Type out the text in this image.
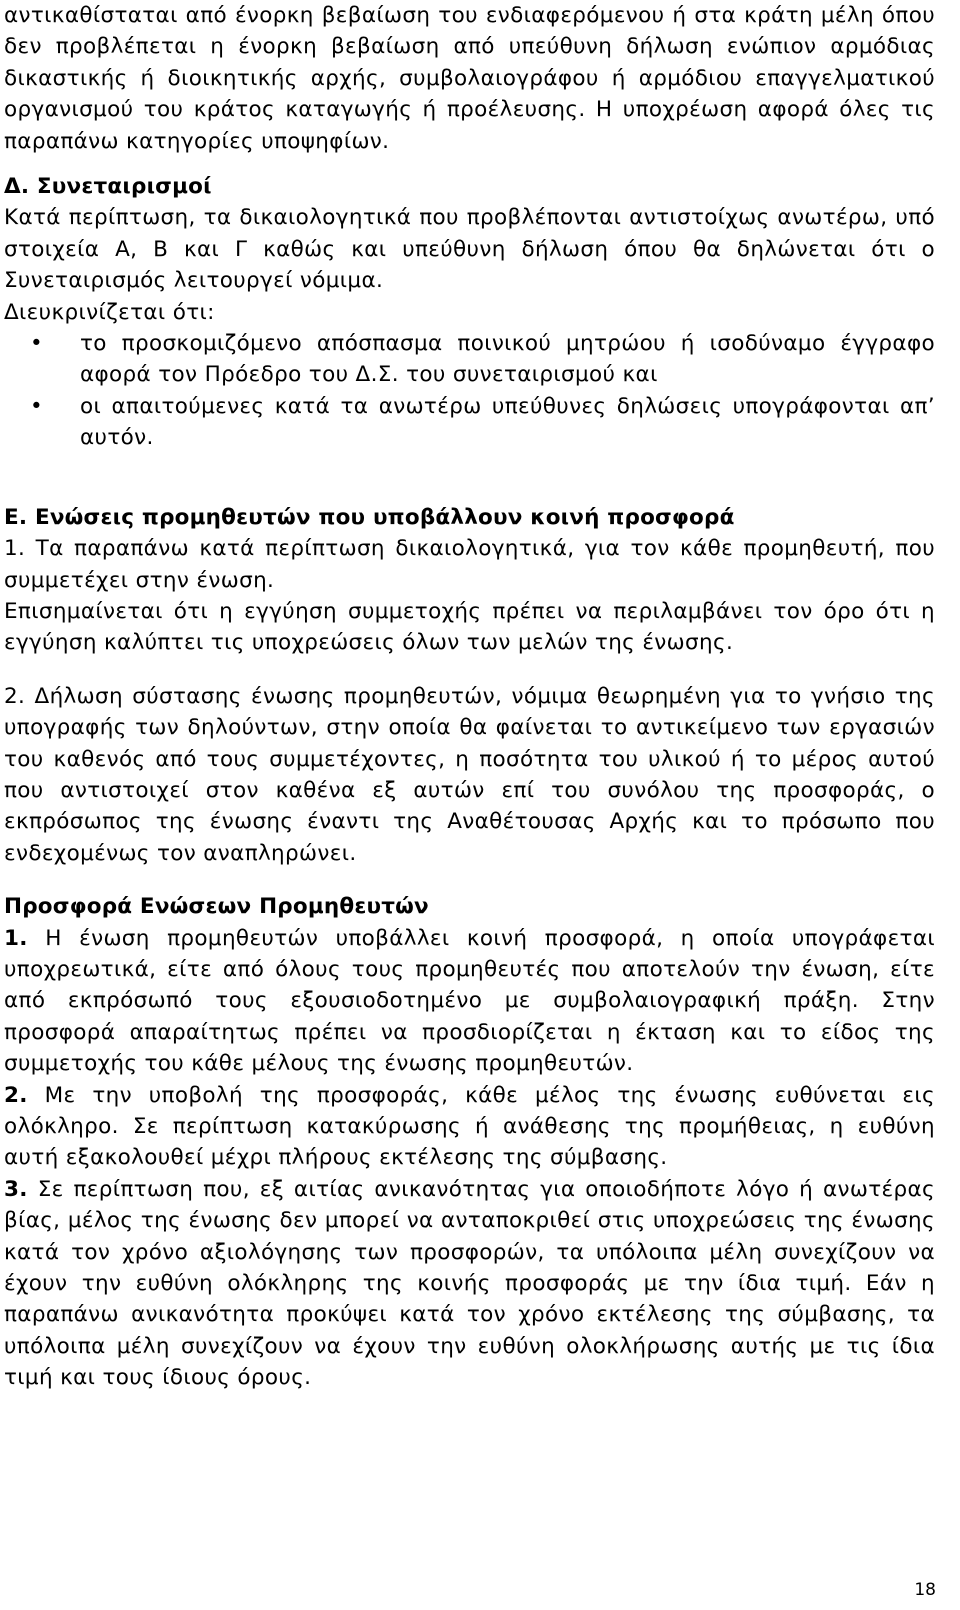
αντικαθίσταται από ένορκη βεβαίωση του ενδιαφερόμενου ή στα κράτη μέλη όπου δεν προβλέπεται η ένορκη βεβαίωση από υπεύθυνη δήλωση ενώπιον αρμόδιας δικαστικής ή διοικητικής αρχής, συμβολαιογράφου ή αρμόδιου επαγγελματικού οργανισμού του κράτος καταγωγής ή προέλευσης. Η υποχρέωση αφορά όλες τις παραπάνω κατηγορίες υποψηφίων.

Δ. Συνεταιρισμοί

Κατά περίπτωση, τα δικαιολογητικά που προβλέπονται αντιστοίχως ανωτέρω, υπό στοιχεία Α, Β και Γ καθώς και υπεύθυνη δήλωση όπου θα δηλώνεται ότι ο Συνεταιρισμός λειτουργεί νόμιμα.

Διευκρινίζεται ότι:

• το προσκομιζόμενο απόσπασμα ποινικού μητρώου ή ισοδύναμο έγγραφο αφορά τον Πρόεδρο του Δ.Σ. του συνεταιρισμού και
• οι απαιτούμενες κατά τα ανωτέρω υπεύθυνες δηλώσεις υπογράφονται απ’ αυτόν.
Ε. Ενώσεις προμηθευτών που υποβάλλουν κοινή προσφορά

1. Τα παραπάνω κατά περίπτωση δικαιολογητικά, για τον κάθε προμηθευτή, που συμμετέχει στην ένωση.

Επισημαίνεται ότι η εγγύηση συμμετοχής πρέπει να περιλαμβάνει τον όρο ότι η εγγύηση καλύπτει τις υποχρεώσεις όλων των μελών της ένωσης.

2. Δήλωση σύστασης ένωσης προμηθευτών, νόμιμα θεωρημένη για το γνήσιο της υπογραφής των δηλούντων, στην οποία θα φαίνεται το αντικείμενο των εργασιών του καθενός από τους συμμετέχοντες, η ποσότητα του υλικού ή το μέρος αυτού που αντιστοιχεί στον καθένα εξ αυτών επί του συνόλου της προσφοράς, ο εκπρόσωπος της ένωσης έναντι της Αναθέτουσας Αρχής και το πρόσωπο που ενδεχομένως τον αναπληρώνει.

Προσφορά Ενώσεων Προμηθευτών

1. Η ένωση προμηθευτών υποβάλλει κοινή προσφορά, η οποία υπογράφεται υποχρεωτικά, είτε από όλους τους προμηθευτές που αποτελούν την ένωση, είτε από εκπρόσωπό τους εξουσιοδοτημένο με συμβολαιογραφική πράξη. Στην προσφορά απαραίτητως πρέπει να προσδιορίζεται η έκταση και το είδος της συμμετοχής του κάθε μέλους της ένωσης προμηθευτών.

2. Με την υποβολή της προσφοράς, κάθε μέλος της ένωσης ευθύνεται εις ολόκληρο. Σε περίπτωση κατακύρωσης ή ανάθεσης της προμήθειας, η ευθύνη αυτή εξακολουθεί μέχρι πλήρους εκτέλεσης της σύμβασης.

3. Σε περίπτωση που, εξ αιτίας ανικανότητας για οποιοδήποτε λόγο ή ανωτέρας βίας, μέλος της ένωσης δεν μπορεί να ανταποκριθεί στις υποχρεώσεις της ένωσης κατά τον χρόνο αξιολόγησης των προσφορών, τα υπόλοιπα μέλη συνεχίζουν να έχουν την ευθύνη ολόκληρης της κοινής προσφοράς με την ίδια τιμή. Εάν η παραπάνω ανικανότητα προκύψει κατά τον χρόνο εκτέλεσης της σύμβασης, τα υπόλοιπα μέλη συνεχίζουν να έχουν την ευθύνη ολοκλήρωσης αυτής με τις ίδια τιμή και τους ίδιους όρους.

18
